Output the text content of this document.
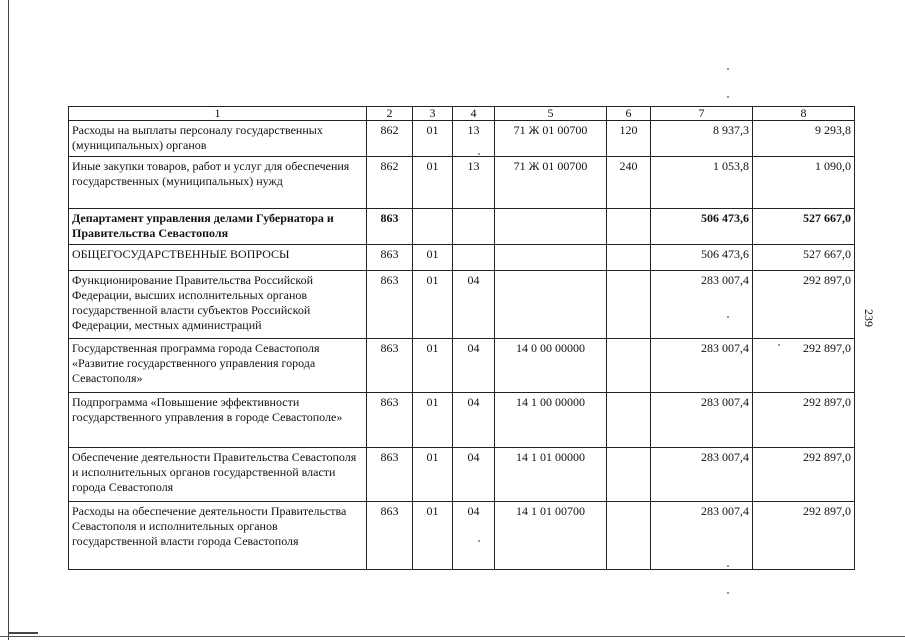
239
1	2	3	4	5	6	7	8
Расходы на выплаты персоналу государственных (муниципальных) органов	862	01	13	71 Ж 01 00700	120	8 937,3	9 293,8
Иные закупки товаров, работ и услуг для обеспечения государственных (муниципальных) нужд	862	01	13	71 Ж 01 00700	240	1 053,8	1 090,0
Департамент управления делами Губернатора и Правительства Севастополя	863					506 473,6	527 667,0
ОБЩЕГОСУДАРСТВЕННЫЕ ВОПРОСЫ	863	01				506 473,6	527 667,0
Функционирование Правительства Российской Федерации, высших исполнительных органов государственной власти субъектов Российской Федерации, местных администраций	863	01	04			283 007,4	292 897,0
Государственная программа города Севастополя «Развитие государственного управления города Севастополя»	863	01	04	14 0 00 00000		283 007,4	292 897,0
Подпрограмма «Повышение эффективности государственного управления в городе Севастополе»	863	01	04	14 1 00 00000		283 007,4	292 897,0
Обеспечение деятельности Правительства Севастополя и исполнительных органов государственной власти города Севастополя	863	01	04	14 1 01 00000		283 007,4	292 897,0
Расходы на обеспечение деятельности Правительства Севастополя и исполнительных органов государственной власти города Севастополя	863	01	04	14 1 01 00700		283 007,4	292 897,0
